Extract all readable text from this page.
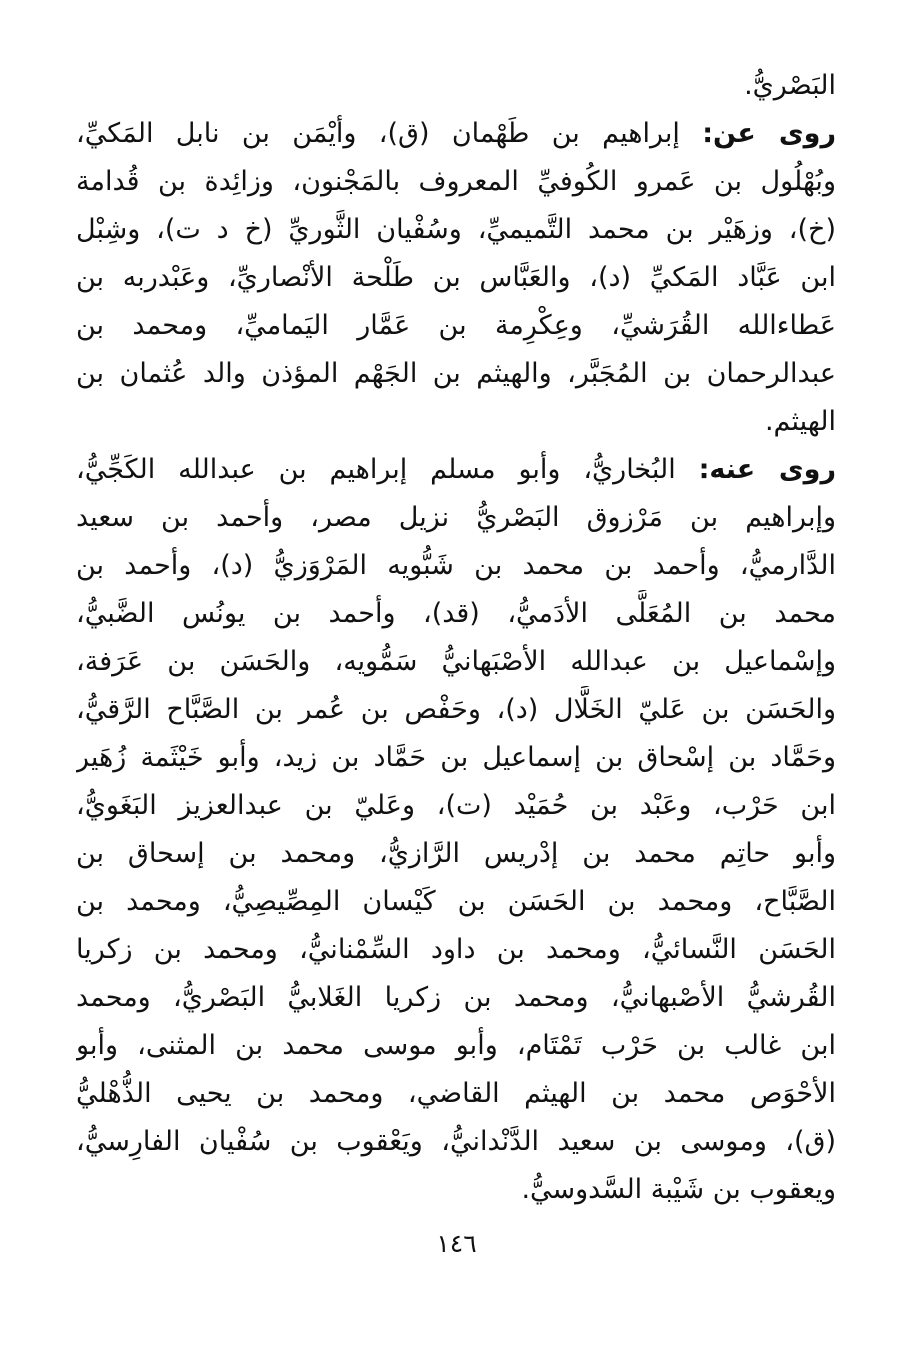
البَصْريُّ.
روى عن: إبراهيم بن طَهْمان (ق)، وأيْمَن بن نابل المَكيِّ،
وبُهْلُول بن عَمرو الكُوفيِّ المعروف بالمَجْنون، وزائِدة بن قُدامة
(خ)، وزهَيْر بن محمد التَّميميِّ، وسُفْيان الثَّوريِّ (خ د ت)، وشِبْل
ابن عَبَّاد المَكيِّ (د)، والعَبَّاس بن طَلْحة الأنْصاريِّ، وعَبْدربه بن
عَطاءالله القُرَشيِّ، وعِكْرِمة بن عَمَّار اليَماميِّ، ومحمد بن
عبدالرحمان بن المُجَبَّر، والهيثم بن الجَهْم المؤذن والد عُثمان بن
الهيثم.
روى عنه: البُخاريُّ، وأبو مسلم إبراهيم بن عبدالله الكَجِّيُّ،
وإبراهيم بن مَرْزوق البَصْريُّ نزيل مصر، وأحمد بن سعيد
الدَّارميُّ، وأحمد بن محمد بن شَبُّويه المَرْوَزيُّ (د)، وأحمد بن
محمد بن المُعَلَّى الأدَميُّ، (قد)، وأحمد بن يونُس الضَّبيُّ،
وإسْماعيل بن عبدالله الأصْبَهانيُّ سَمُّويه، والحَسَن بن عَرَفة،
والحَسَن بن عَليّ الخَلَّال (د)، وحَفْص بن عُمر بن الصَّبَّاح الرَّقيُّ،
وحَمَّاد بن إسْحاق بن إسماعيل بن حَمَّاد بن زيد، وأبو خَيْثَمة زُهَير
ابن حَرْب، وعَبْد بن حُمَيْد (ت)، وعَليّ بن عبدالعزيز البَغَويُّ،
وأبو حاتِم محمد بن إدْريس الرَّازيُّ، ومحمد بن إسحاق بن
الصَّبَّاح، ومحمد بن الحَسَن بن كَيْسان المِصِّيصِيُّ، ومحمد بن
الحَسَن النَّسائيُّ، ومحمد بن داود السِّمْنانيُّ، ومحمد بن زكريا
القُرشيُّ الأصْبهانيُّ، ومحمد بن زكريا الغَلابيُّ البَصْريُّ، ومحمد
ابن غالب بن حَرْب تَمْتَام، وأبو موسى محمد بن المثنى، وأبو
الأحْوَص محمد بن الهيثم القاضي، ومحمد بن يحيى الذُّهْليُّ
(ق)، وموسى بن سعيد الدَّنْدانيُّ، ويَعْقوب بن سُفْيان الفارِسيُّ،
ويعقوب بن شَيْبة السَّدوسيُّ.
١٤٦
